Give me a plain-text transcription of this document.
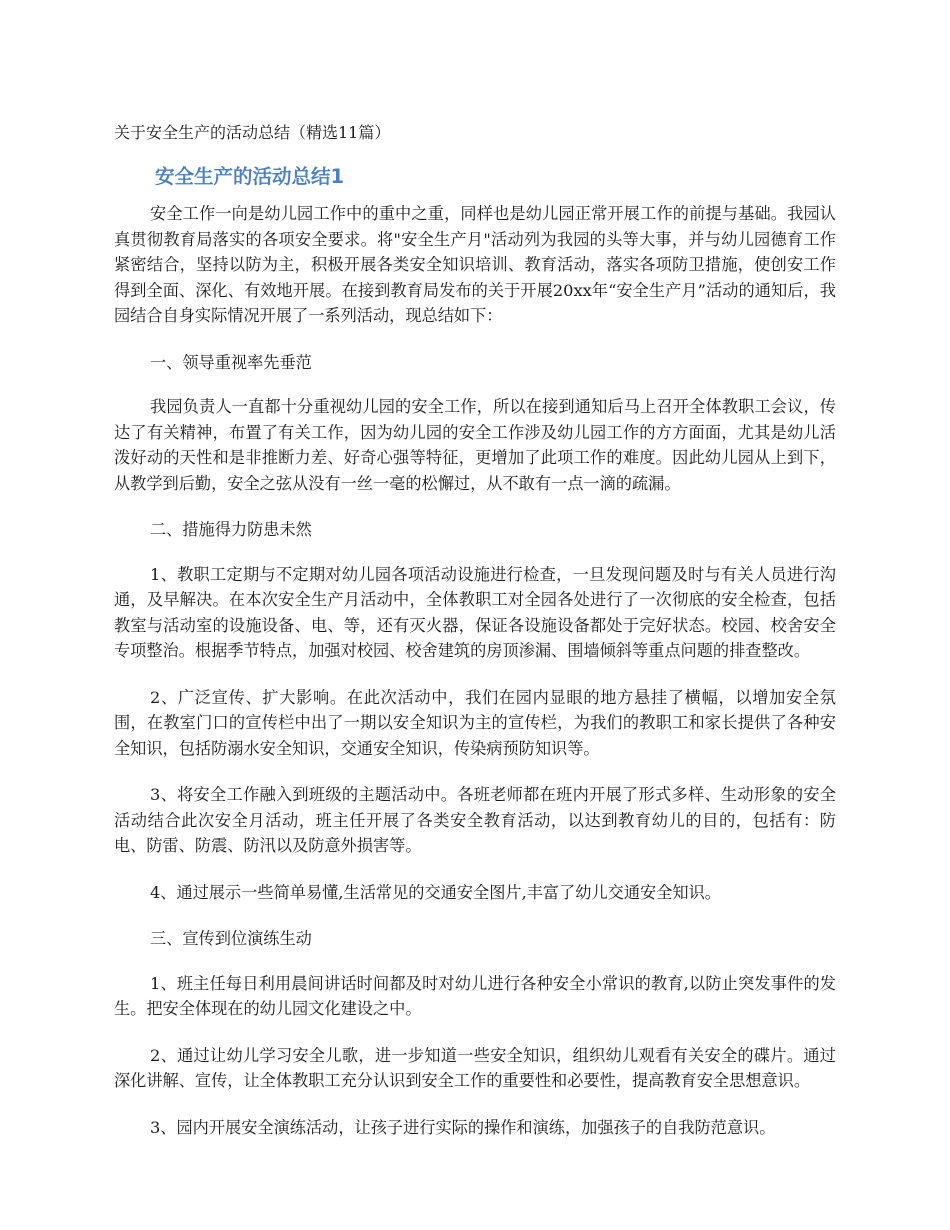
关于安全生产的活动总结（精选11篇）
安全生产的活动总结1

安全工作一向是幼儿园工作中的重中之重，同样也是幼儿园正常开展工作的前提与基础。我园认真贯彻教育局落实的各项安全要求。将"安全生产月"活动列为我园的头等大事，并与幼儿园德育工作紧密结合，坚持以防为主，积极开展各类安全知识培训、教育活动，落实各项防卫措施，使创安工作得到全面、深化、有效地开展。在接到教育局发布的关于开展20xx年“安全生产月”活动的通知后，我园结合自身实际情况开展了一系列活动，现总结如下：

一、领导重视率先垂范

我园负责人一直都十分重视幼儿园的安全工作，所以在接到通知后马上召开全体教职工会议，传达了有关精神，布置了有关工作，因为幼儿园的安全工作涉及幼儿园工作的方方面面，尤其是幼儿活泼好动的天性和是非推断力差、好奇心强等特征，更增加了此项工作的难度。因此幼儿园从上到下，从教学到后勤，安全之弦从没有一丝一毫的松懈过，从不敢有一点一滴的疏漏。

二、措施得力防患未然

1、教职工定期与不定期对幼儿园各项活动设施进行检查，一旦发现问题及时与有关人员进行沟通，及早解决。在本次安全生产月活动中，全体教职工对全园各处进行了一次彻底的安全检查，包括教室与活动室的设施设备、电、等，还有灭火器，保证各设施设备都处于完好状态。校园、校舍安全专项整治。根据季节特点，加强对校园、校舍建筑的房顶渗漏、围墙倾斜等重点问题的排查整改。

2、广泛宣传、扩大影响。在此次活动中，我们在园内显眼的地方悬挂了横幅，以增加安全氛围，在教室门口的宣传栏中出了一期以安全知识为主的宣传栏，为我们的教职工和家长提供了各种安全知识，包括防溺水安全知识，交通安全知识，传染病预防知识等。

3、将安全工作融入到班级的主题活动中。各班老师都在班内开展了形式多样、生动形象的安全活动结合此次安全月活动，班主任开展了各类安全教育活动，以达到教育幼儿的目的，包括有：防电、防雷、防震、防汛以及防意外损害等。

4、通过展示一些简单易懂,生活常见的交通安全图片,丰富了幼儿交通安全知识。

三、宣传到位演练生动

1、班主任每日利用晨间讲话时间都及时对幼儿进行各种安全小常识的教育,以防止突发事件的发生。把安全体现在的幼儿园文化建设之中。

2、通过让幼儿学习安全儿歌，进一步知道一些安全知识，组织幼儿观看有关安全的碟片。通过深化讲解、宣传，让全体教职工充分认识到安全工作的重要性和必要性，提高教育安全思想意识。

3、园内开展安全演练活动，让孩子进行实际的操作和演练，加强孩子的自我防范意识。
